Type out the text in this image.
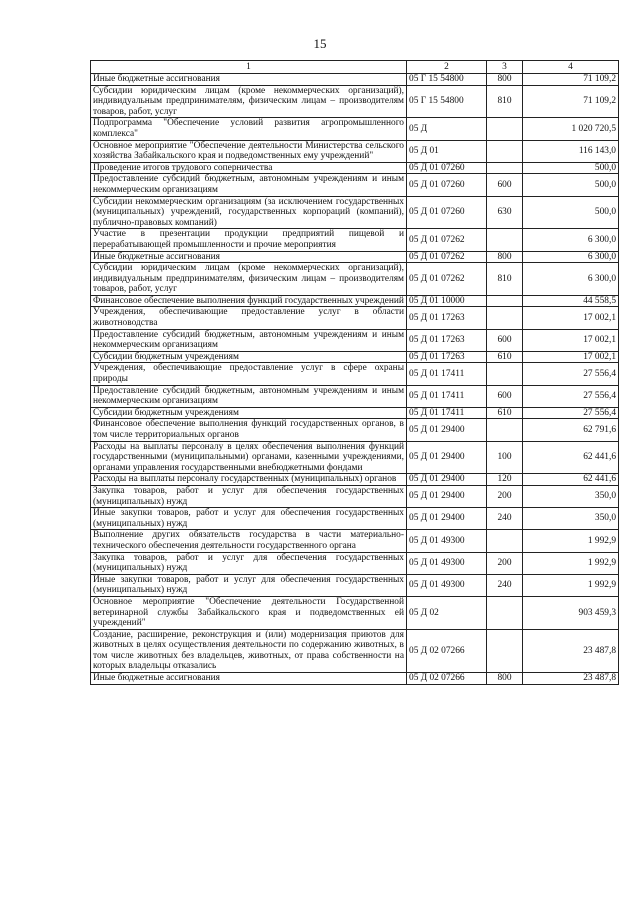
15
1	2	3	4
Иные бюджетные ассигнования	05 Г 15 54800	800	71 109,2
Субсидии юридическим лицам (кроме некоммерческих организаций), индивидуальным предпринимателям, физическим лицам – производителям товаров, работ, услуг	05 Г 15 54800	810	71 109,2
Подпрограмма "Обеспечение условий развития агропромышленного комплекса"	05 Д		1 020 720,5
Основное мероприятие "Обеспечение деятельности Министерства сельского хозяйства Забайкальского края и подведомственных ему учреждений"	05 Д 01		116 143,0
Проведение итогов трудового соперничества	05 Д 01 07260		500,0
Предоставление субсидий бюджетным, автономным учреждениям и иным некоммерческим организациям	05 Д 01 07260	600	500,0
Субсидии некоммерческим организациям (за исключением государственных (муниципальных) учреждений, государственных корпораций (компаний), публично-правовых компаний)	05 Д 01 07260	630	500,0
Участие в презентации продукции предприятий пищевой и перерабатывающей промышленности и прочие мероприятия	05 Д 01 07262		6 300,0
Иные бюджетные ассигнования	05 Д 01 07262	800	6 300,0
Субсидии юридическим лицам (кроме некоммерческих организаций), индивидуальным предпринимателям, физическим лицам – производителям товаров, работ, услуг	05 Д 01 07262	810	6 300,0
Финансовое обеспечение выполнения функций государственных учреждений	05 Д 01 10000		44 558,5
Учреждения, обеспечивающие предоставление услуг в области животноводства	05 Д 01 17263		17 002,1
Предоставление субсидий бюджетным, автономным учреждениям и иным некоммерческим организациям	05 Д 01 17263	600	17 002,1
Субсидии бюджетным учреждениям	05 Д 01 17263	610	17 002,1
Учреждения, обеспечивающие предоставление услуг в сфере охраны природы	05 Д 01 17411		27 556,4
Предоставление субсидий бюджетным, автономным учреждениям и иным некоммерческим организациям	05 Д 01 17411	600	27 556,4
Субсидии бюджетным учреждениям	05 Д 01 17411	610	27 556,4
Финансовое обеспечение выполнения функций государственных органов, в том числе территориальных органов	05 Д 01 29400		62 791,6
Расходы на выплаты персоналу в целях обеспечения выполнения функций государственными (муниципальными) органами, казенными учреждениями, органами управления государственными внебюджетными фондами	05 Д 01 29400	100	62 441,6
Расходы на выплаты персоналу государственных (муниципальных) органов	05 Д 01 29400	120	62 441,6
Закупка товаров, работ и услуг для обеспечения государственных (муниципальных) нужд	05 Д 01 29400	200	350,0
Иные закупки товаров, работ и услуг для обеспечения государственных (муниципальных) нужд	05 Д 01 29400	240	350,0
Выполнение других обязательств государства в части материально-технического обеспечения деятельности государственного органа	05 Д 01 49300		1 992,9
Закупка товаров, работ и услуг для обеспечения государственных (муниципальных) нужд	05 Д 01 49300	200	1 992,9
Иные закупки товаров, работ и услуг для обеспечения государственных (муниципальных) нужд	05 Д 01 49300	240	1 992,9
Основное мероприятие "Обеспечение деятельности Государственной ветеринарной службы Забайкальского края и подведомственных ей учреждений"	05 Д 02		903 459,3
Создание, расширение, реконструкция и (или) модернизация приютов для животных в целях осуществления деятельности по содержанию животных, в том числе животных без владельцев, животных, от права собственности на которых владельцы отказались	05 Д 02 07266		23 487,8
Иные бюджетные ассигнования	05 Д 02 07266	800	23 487,8
